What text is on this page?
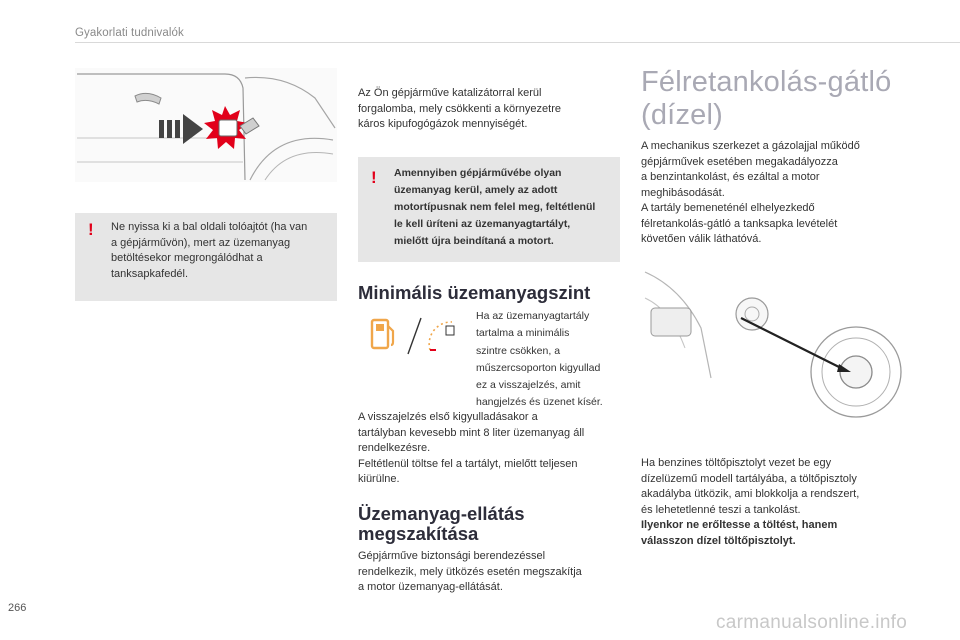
Gyakorlati tudnivalók
! Ne nyissa ki a bal oldali tolóajtót (ha van
a gépjárművön), mert az üzemanyag
betöltésekor megrongálódhat a
tanksapkafedél.
Az Ön gépjárműve katalizátorral kerül
forgalomba, mely csökkenti a környezetre
káros kipufogógázok mennyiségét.
! Amennyiben gépjárművébe olyan
üzemanyag kerül, amely az adott
motortípusnak nem felel meg, feltétlenül
le kell üríteni az üzemanyagtartályt,
mielőtt újra beindítaná a motort.
Minimális üzemanyagszint
Ha az üzemanyagtartály
tartalma a minimális
szintre csökken, a
műszercsoporton kigyullad
ez a visszajelzés, amit
hangjelzés és üzenet kísér.
A visszajelzés első kigyulladásakor a
tartályban kevesebb mint 8 liter üzemanyag áll
rendelkezésre.
Feltétlenül töltse fel a tartályt, mielőtt teljesen
kiürülne.
Üzemanyag-ellátás
megszakítása
Gépjárműve biztonsági berendezéssel
rendelkezik, mely ütközés esetén megszakítja
a motor üzemanyag-ellátását.
Félretankolás-gátló
(dízel)
A mechanikus szerkezet a gázolajjal működő
gépjárművek esetében megakadályozza
a benzintankolást, és ezáltal a motor
meghibásodását.
A tartály bemeneténél elhelyezkedő
félretankolás-gátló a tanksapka levételét
követően válik láthatóvá.
Ha benzines töltőpisztolyt vezet be egy
dízelüzemű modell tartályába, a töltőpisztoly
akadályba ütközik, ami blokkolja a rendszert,
és lehetetlenné teszi a tankolást.
Ilyenkor ne erőltesse a töltést, hanem
válasszon dízel töltőpisztolyt.
266
carmanualsonline.info
